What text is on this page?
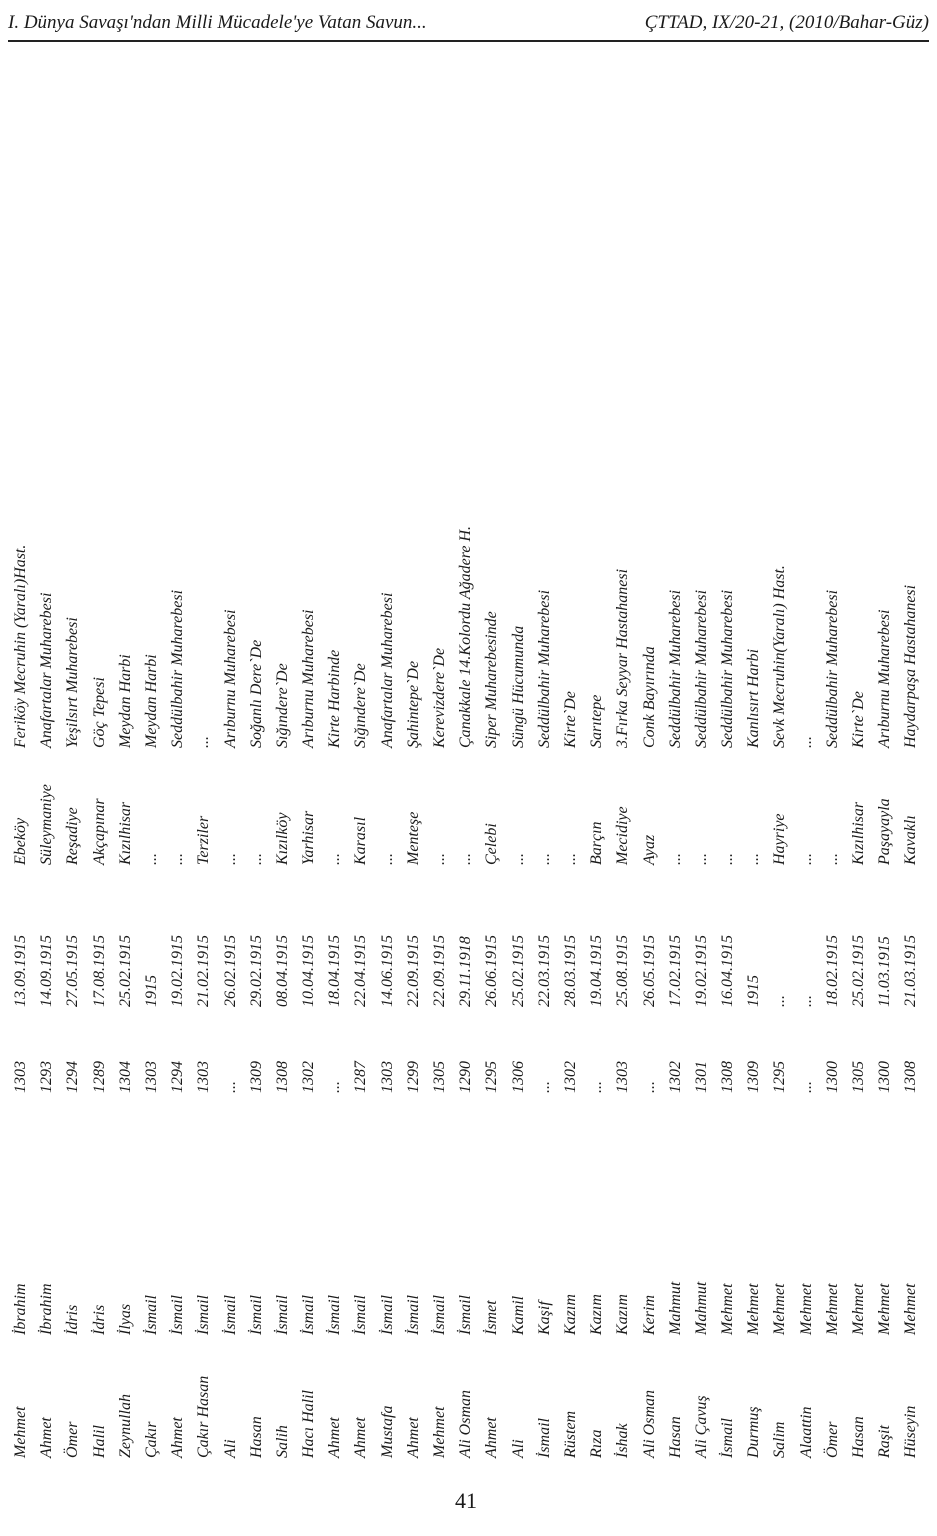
I. Dünya Savaşı'ndan Milli Mücadele'ye Vatan Savun...	ÇTTAD, IX/20-21, (2010/Bahar-Güz)
Mehmet
İbrahim
1303
13.09.1915
Ebeköy
Feriköy Mecruhin (Yaralı)Hast.
Ahmet
İbrahim
1293
14.09.1915
Süleymaniye
Anafartalar Muharebesi
Ömer
İdris
1294
27.05.1915
Reşadiye
Yeşilsırt Muharebesi
Halil
İdris
1289
17.08.1915
Akçapınar
Göç Tepesi
Zeynullah
İlyas
1304
25.02.1915
Kızılhisar
Meydan Harbi
Çakır
İsmail
1303
1915
...
Meydan Harbi
Ahmet
İsmail
1294
19.02.1915
...
Seddülbahir Muharebesi
Çakır Hasan
İsmail
1303
21.02.1915
Terziler
...
Ali
İsmail
...
26.02.1915
...
Arıburnu Muharebesi
Hasan
İsmail
1309
29.02.1915
...
Soğanlı Dere`De
Salih
İsmail
1308
08.04.1915
Kızılköy
Sığındere`De
Hacı Halil
İsmail
1302
10.04.1915
Yarhisar
Arıburnu Muharebesi
Ahmet
İsmail
...
18.04.1915
...
Kirte Harbinde
Ahmet
İsmail
1287
22.04.1915
Karasıl
Sığındere`De
Mustafa
İsmail
1303
14.06.1915
...
Anafartalar Muharebesi
Ahmet
İsmail
1299
22.09.1915
Menteşe
Şahintepe`De
Mehmet
İsmail
1305
22.09.1915
...
Kerevizdere`De
Ali Osman
İsmail
1290
29.11.1918
...
Çanakkale 14.Kolordu Ağadere H.
Ahmet
İsmet
1295
26.06.1915
Çelebi
Siper Muharebesinde
Ali
Kamil
1306
25.02.1915
...
Süngü Hücumunda
İsmail
Kaşif
...
22.03.1915
...
Seddülbahir Muharebesi
Rüstem
Kazım
1302
28.03.1915
...
Kirte`De
Rıza
Kazım
...
19.04.1915
Barçın
Sarıtepe
İshak
Kazım
1303
25.08.1915
Mecidiye
3.Fırka Seyyar Hastahanesi
Ali Osman
Kerim
...
26.05.1915
Ayaz
Conk Bayırında
Hasan
Mahmut
1302
17.02.1915
...
Seddülbahir Muharebesi
Ali Çavuş
Mahmut
1301
19.02.1915
...
Seddülbahir Muharebesi
İsmail
Mehmet
1308
16.04.1915
...
Seddülbahir Muharebesi
Durmuş
Mehmet
1309
1915
...
Kanlısırt Harbi
Salim
Mehmet
1295
...
Hayriye
Sevk Mecruhin(Yaralı) Hast.
Alaattin
Mehmet
...
...
...
...
Ömer
Mehmet
1300
18.02.1915
...
Seddülbahir Muharebesi
Hasan
Mehmet
1305
25.02.1915
Kızılhisar
Kirte`De
Raşit
Mehmet
1300
11.03.1915
Paşayayla
Arıburnu Muharebesi
Hüseyin
Mehmet
1308
21.03.1915
Kavaklı
Haydarpaşa Hastahanesi
41
